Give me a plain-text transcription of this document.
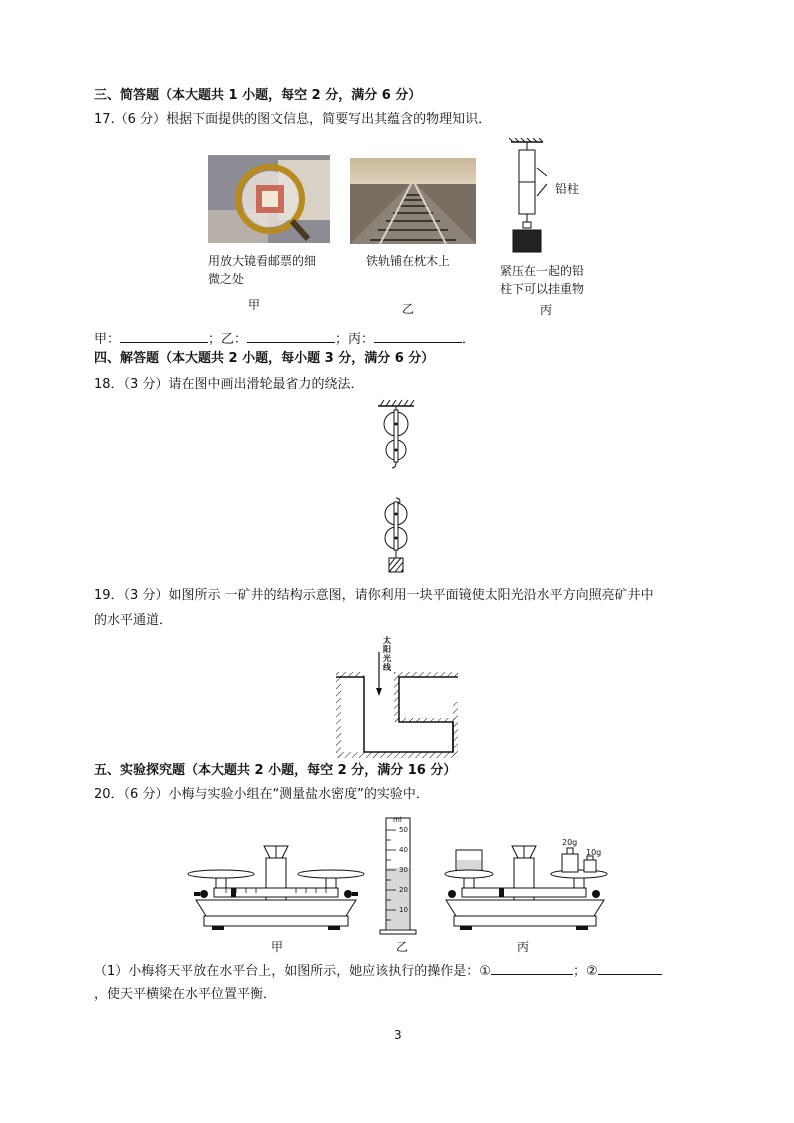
三、简答题（本大题共 1 小题，每空 2 分，满分 6 分）
17.（6 分）根据下面提供的图文信息，简要写出其蕴含的物理知识．
用放大镜看邮票的细
微之处
甲
铁轨铺在枕木上
乙
铅柱
紧压在一起的铅
柱下可以挂重物
丙
甲：	；乙：	；丙：	．
四、解答题（本大题共 2 小题，每小题 3 分，满分 6 分）
18．（3 分）请在图中画出滑轮最省力的绕法．
19．（3 分）如图所示 一矿井的结构示意图，请你利用一块平面镜使太阳光沿水平方向照亮矿井中
的水平通道．
太阳光线
五、实验探究题（本大题共 2 小题，每空 2 分，满分 16 分）
20．（6 分）小梅与实验小组在“测量盐水密度”的实验中．
甲
ml
50
40
30
20
10
乙
20g
10g
丙
（1）小梅将天平放在水平台上，如图所示，她应该执行的操作是：①	；②
，使天平横梁在水平位置平衡．
3
